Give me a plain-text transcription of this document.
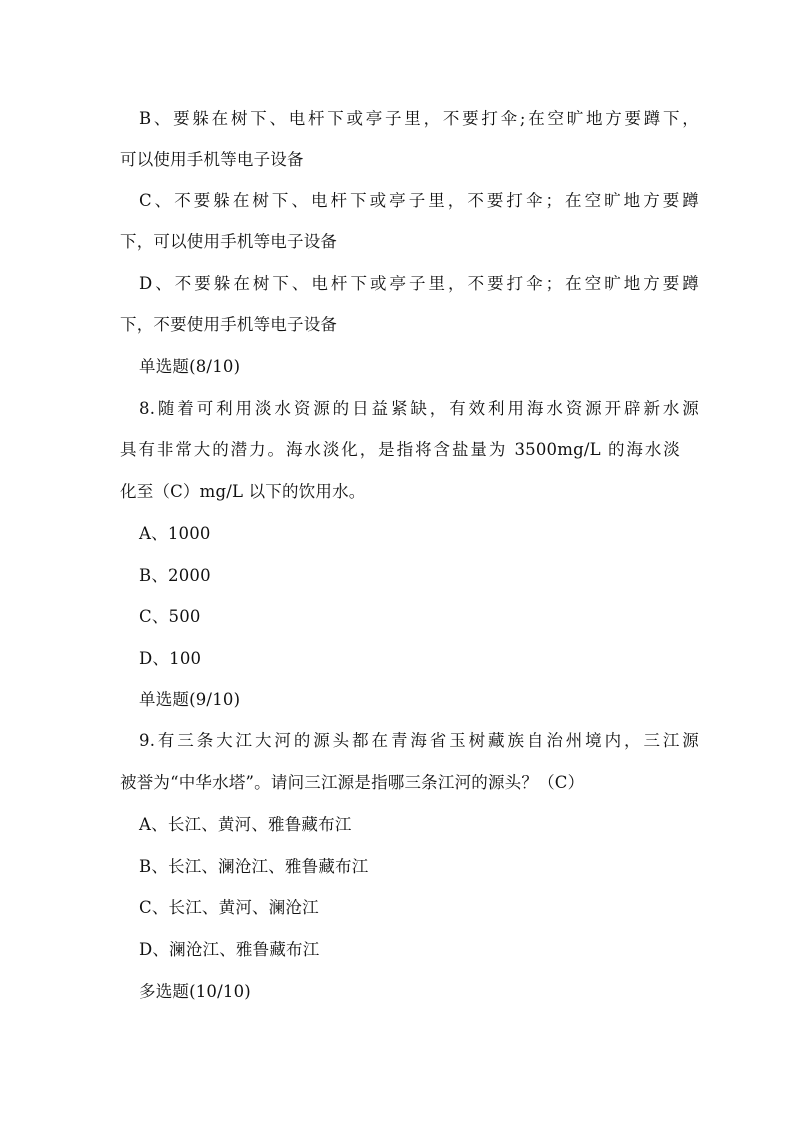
B、要躲在树下、电杆下或亭子里，不要打伞;在空旷地方要蹲下，
可以使用手机等电子设备
C、不要躲在树下、电杆下或亭子里，不要打伞；在空旷地方要蹲
下，可以使用手机等电子设备
D、不要躲在树下、电杆下或亭子里，不要打伞；在空旷地方要蹲
下，不要使用手机等电子设备
单选题(8/10)
8.随着可利用淡水资源的日益紧缺，有效利用海水资源开辟新水源
具有非常大的潜力。海水淡化，是指将含盐量为 3500mg/L 的海水淡
化至（C）mg/L 以下的饮用水。
A、1000
B、2000
C、500
D、100
单选题(9/10)
9.有三条大江大河的源头都在青海省玉树藏族自治州境内，三江源
被誉为“中华水塔”。请问三江源是指哪三条江河的源头？（C）
A、长江、黄河、雅鲁藏布江
B、长江、澜沧江、雅鲁藏布江
C、长江、黄河、澜沧江
D、澜沧江、雅鲁藏布江
多选题(10/10)
